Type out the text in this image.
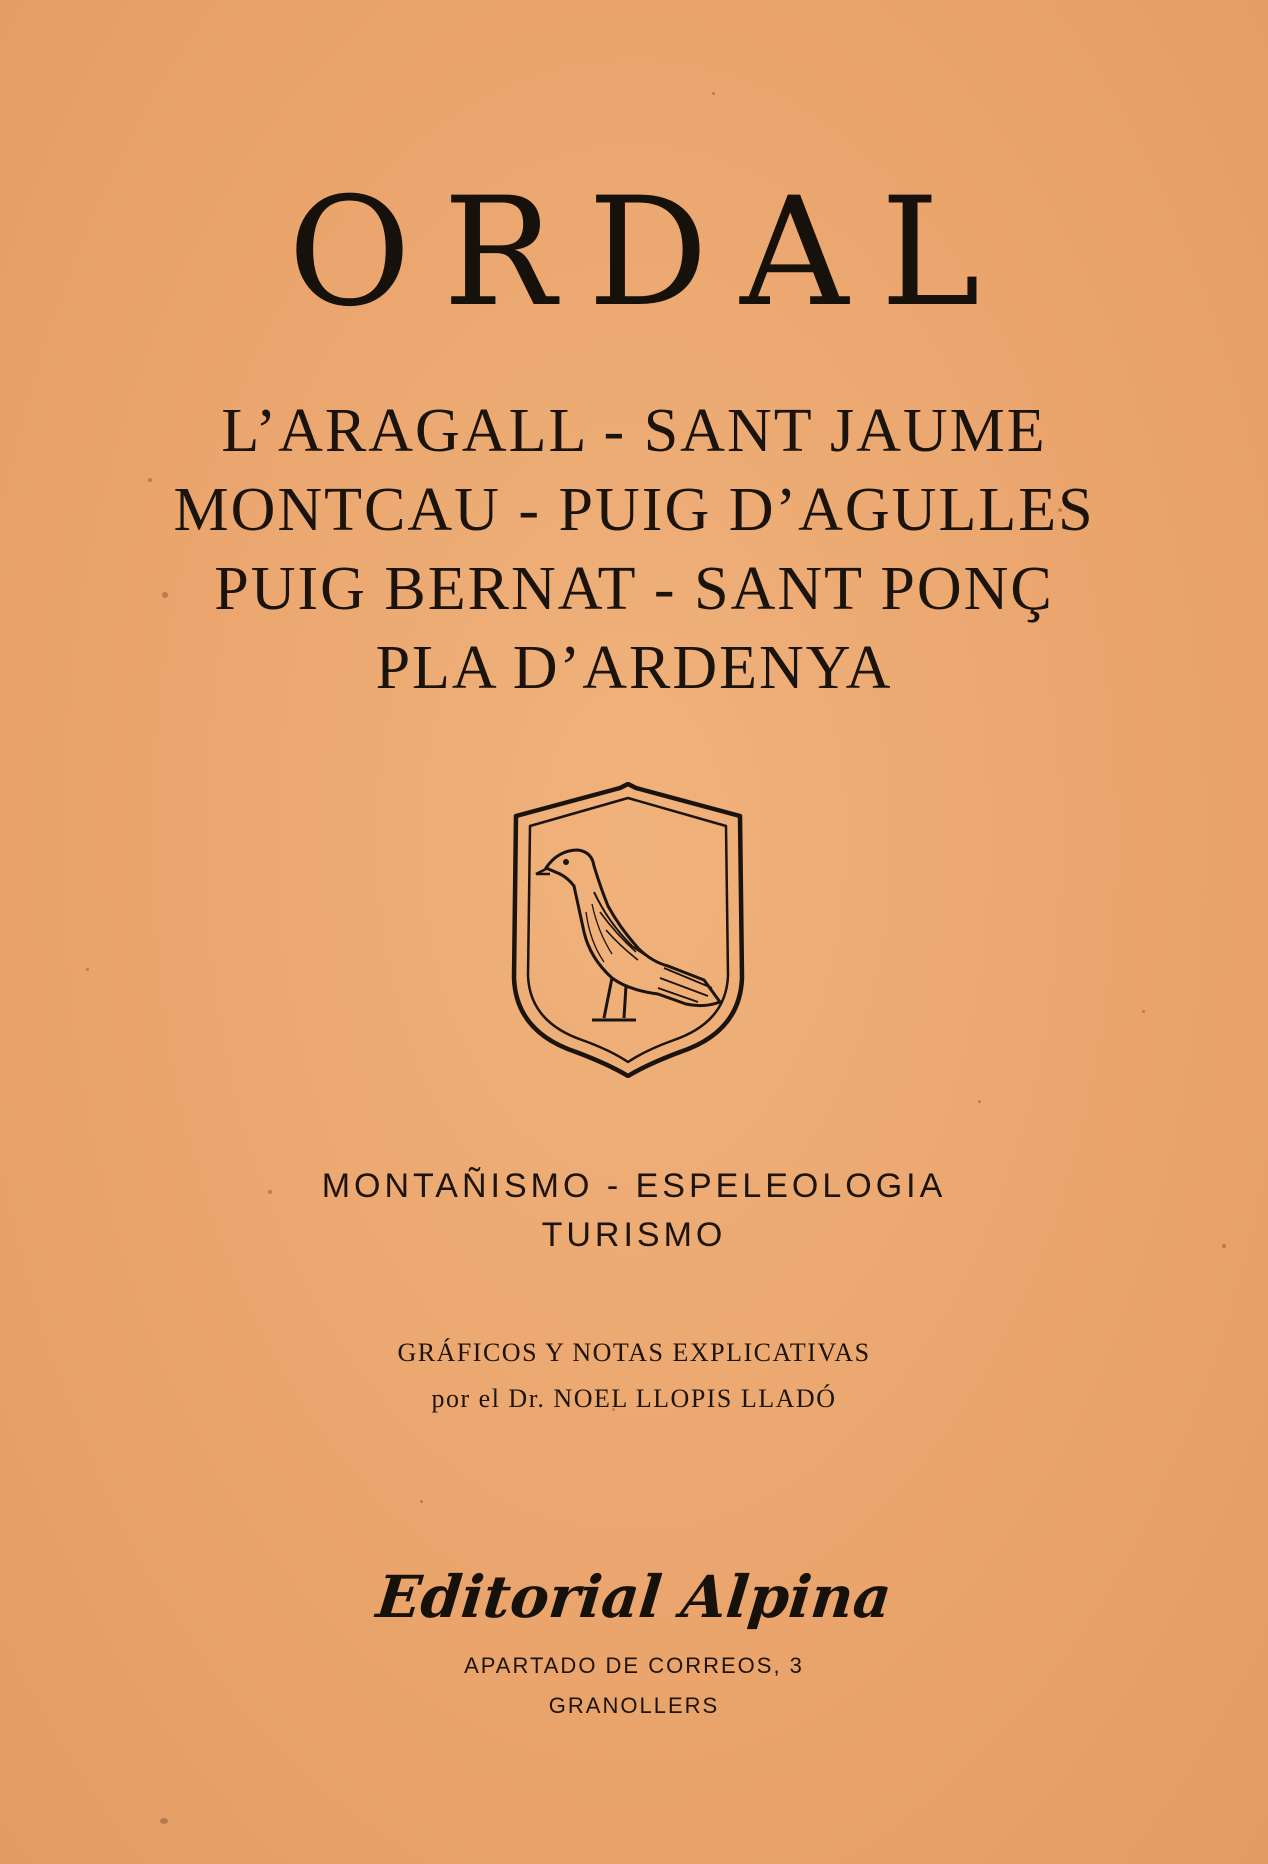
ORDAL
L’ARAGALL - SANT JAUME
MONTCAU - PUIG D’AGULLES
PUIG BERNAT - SANT PONÇ
PLA D’ARDENYA
MONTAÑISMO - ESPELEOLOGIA
TURISMO
GRÁFICOS Y NOTAS EXPLICATIVAS
por el Dr. NOEL LLOPIS LLADÓ
Editorial Alpina
APARTADO DE CORREOS, 3
GRANOLLERS
